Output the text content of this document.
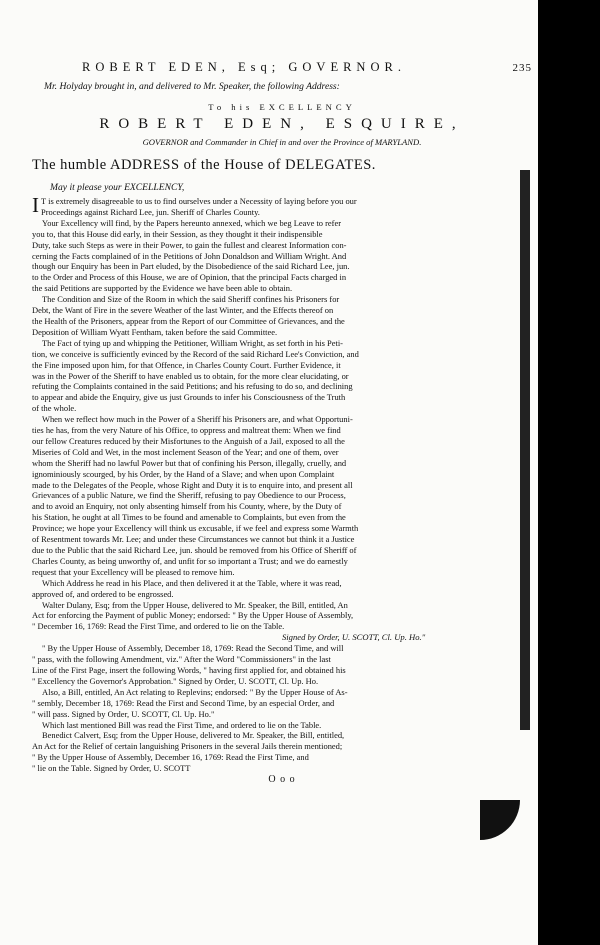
ROBERT EDEN, Esq; GOVERNOR.	235

Mr. Holyday brought in, and delivered to Mr. Speaker, the following Address:

To his EXCELLENCY
ROBERT EDEN, ESQUIRE,
GOVERNOR and Commander in Chief in and over the Province of MARYLAND.
The humble ADDRESS of the House of DELEGATES.
May it please your EXCELLENCY,

IT is extremely disagreeable to us to find ourselves under a Necessity of laying before you our

Proceedings against Richard Lee, jun. Sheriff of Charles County.

Your Excellency will find, by the Papers hereunto annexed, which we beg Leave to refer

you to, that this House did early, in their Session, as they thought it their indispensible

Duty, take such Steps as were in their Power, to gain the fullest and clearest Information con-

cerning the Facts complained of in the Petitions of John Donaldson and William Wright. And

though our Enquiry has been in Part eluded, by the Disobedience of the said Richard Lee, jun.

to the Order and Process of this House, we are of Opinion, that the principal Facts charged in

the said Petitions are supported by the Evidence we have been able to obtain.

The Condition and Size of the Room in which the said Sheriff confines his Prisoners for

Debt, the Want of Fire in the severe Weather of the last Winter, and the Effects thereof on

the Health of the Prisoners, appear from the Report of our Committee of Grievances, and the

Deposition of William Wyatt Fentham, taken before the said Committee.

The Fact of tying up and whipping the Petitioner, William Wright, as set forth in his Peti-

tion, we conceive is sufficiently evinced by the Record of the said Richard Lee's Conviction, and

the Fine imposed upon him, for that Offence, in Charles County Court. Further Evidence, it

was in the Power of the Sheriff to have enabled us to obtain, for the more clear elucidating, or

refuting the Complaints contained in the said Petitions; and his refusing to do so, and declining

to appear and abide the Enquiry, give us just Grounds to infer his Consciousness of the Truth

of the whole.

When we reflect how much in the Power of a Sheriff his Prisoners are, and what Opportuni-

ties he has, from the very Nature of his Office, to oppress and maltreat them: When we find

our fellow Creatures reduced by their Misfortunes to the Anguish of a Jail, exposed to all the

Miseries of Cold and Wet, in the most inclement Season of the Year; and one of them, over

whom the Sheriff had no lawful Power but that of confining his Person, illegally, cruelly, and

ignominiously scourged, by his Order, by the Hand of a Slave; and when upon Complaint

made to the Delegates of the People, whose Right and Duty it is to enquire into, and present all

Grievances of a public Nature, we find the Sheriff, refusing to pay Obedience to our Process,

and to avoid an Enquiry, not only absenting himself from his County, where, by the Duty of

his Station, he ought at all Times to be found and amenable to Complaints, but even from the

Province; we hope your Excellency will think us excusable, if we feel and express some Warmth

of Resentment towards Mr. Lee; and under these Circumstances we cannot but think it a Justice

due to the Public that the said Richard Lee, jun. should be removed from his Office of Sheriff of

Charles County, as being unworthy of, and unfit for so important a Trust; and we do earnestly

request that your Excellency will be pleased to remove him.

Which Address he read in his Place, and then delivered it at the Table, where it was read,

approved of, and ordered to be engrossed.

Walter Dulany, Esq; from the Upper House, delivered to Mr. Speaker, the Bill, entitled, An

Act for enforcing the Payment of public Money; endorsed: " By the Upper House of Assembly,

" December 16, 1769: Read the First Time, and ordered to lie on the Table.

Signed by Order, U. SCOTT, Cl. Up. Ho."

" By the Upper House of Assembly, December 18, 1769: Read the Second Time, and will

" pass, with the following Amendment, viz." After the Word "Commissioners" in the last

Line of the First Page, insert the following Words, " having first applied for, and obtained his

" Excellency the Governor's Approbation." Signed by Order, U. SCOTT, Cl. Up. Ho.

Also, a Bill, entitled, An Act relating to Replevins; endorsed: " By the Upper House of As-

" sembly, December 18, 1769: Read the First and Second Time, by an especial Order, and

" will pass. Signed by Order, U. SCOTT, Cl. Up. Ho."

Which last mentioned Bill was read the First Time, and ordered to lie on the Table.

Benedict Calvert, Esq; from the Upper House, delivered to Mr. Speaker, the Bill, entitled,

An Act for the Relief of certain languishing Prisoners in the several Jails therein mentioned;

" By the Upper House of Assembly, December 16, 1769: Read the First Time, and

" lie on the Table. Signed by Order, U. SCOTT

O o o
